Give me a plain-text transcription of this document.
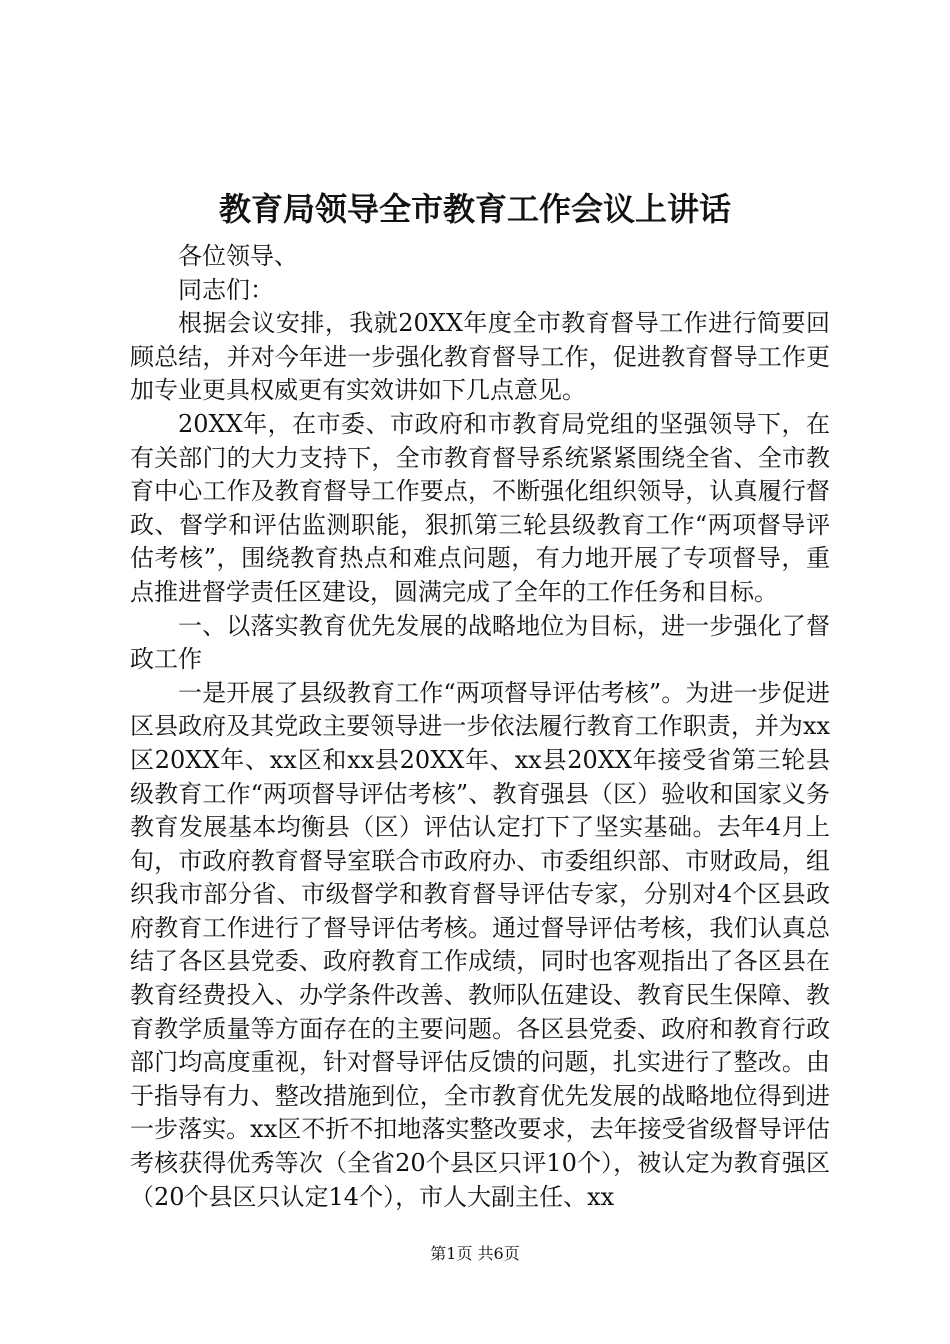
教育局领导全市教育工作会议上讲话

各位领导、

同志们：

根据会议安排，我就20XX年度全市教育督导工作进行简要回顾总结，并对今年进一步强化教育督导工作，促进教育督导工作更加专业更具权威更有实效讲如下几点意见。

20XX年，在市委、市政府和市教育局党组的坚强领导下，在有关部门的大力支持下，全市教育督导系统紧紧围绕全省、全市教育中心工作及教育督导工作要点，不断强化组织领导，认真履行督政、督学和评估监测职能，狠抓第三轮县级教育工作“两项督导评估考核”，围绕教育热点和难点问题，有力地开展了专项督导，重点推进督学责任区建设，圆满完成了全年的工作任务和目标。

一、以落实教育优先发展的战略地位为目标，进一步强化了督政工作

一是开展了县级教育工作“两项督导评估考核”。为进一步促进区县政府及其党政主要领导进一步依法履行教育工作职责，并为xx区20XX年、xx区和xx县20XX年、xx县20XX年接受省第三轮县级教育工作“两项督导评估考核”、教育强县（区）验收和国家义务教育发展基本均衡县（区）评估认定打下了坚实基础。去年4月上旬，市政府教育督导室联合市政府办、市委组织部、市财政局，组织我市部分省、市级督学和教育督导评估专家，分别对4个区县政府教育工作进行了督导评估考核。通过督导评估考核，我们认真总结了各区县党委、政府教育工作成绩，同时也客观指出了各区县在教育经费投入、办学条件改善、教师队伍建设、教育民生保障、教育教学质量等方面存在的主要问题。各区县党委、政府和教育行政部门均高度重视，针对督导评估反馈的问题，扎实进行了整改。由于指导有力、整改措施到位，全市教育优先发展的战略地位得到进一步落实。xx区不折不扣地落实整改要求，去年接受省级督导评估考核获得优秀等次（全省20个县区只评10个），被认定为教育强区（20个县区只认定14个），市人大副主任、xx

第1页 共6页
